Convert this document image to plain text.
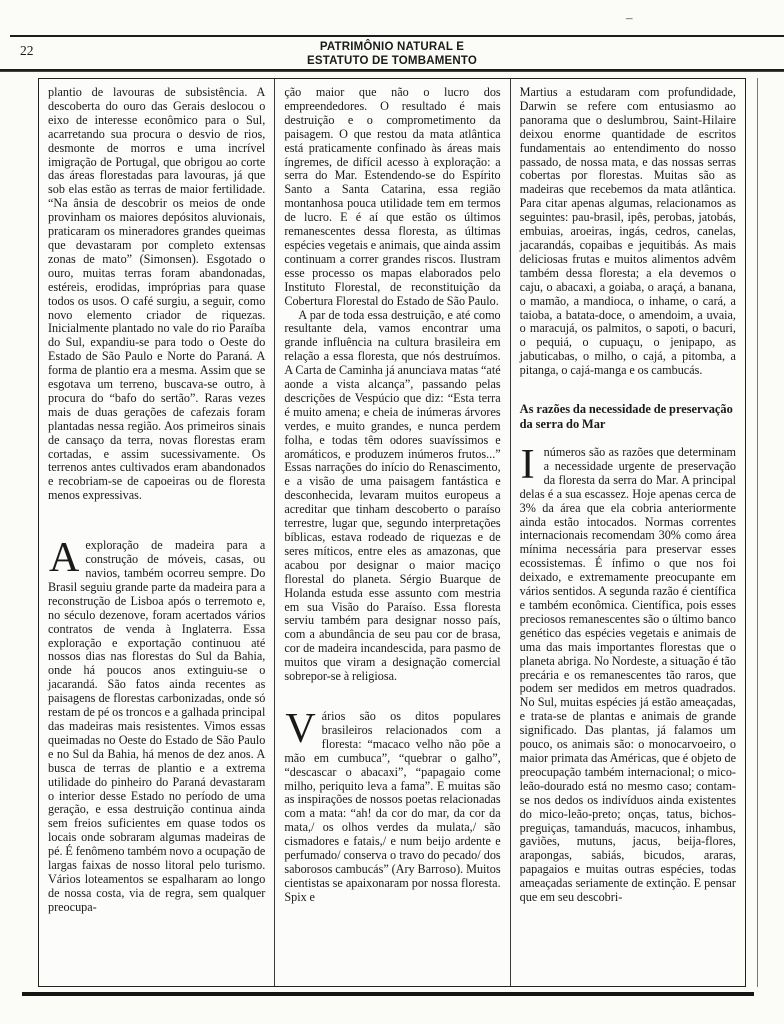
–
22	PATRIMÔNIO NATURAL E
ESTATUTO DE TOMBAMENTO

plantio de lavouras de subsistência. A descoberta do ouro das Gerais deslocou o eixo de interesse econômico para o Sul, acarretando sua procura o desvio de rios, desmonte de morros e uma incrível imigração de Portugal, que obrigou ao corte das áreas florestadas para lavouras, já que sob elas estão as terras de maior fertilidade. “Na ânsia de descobrir os meios de onde provinham os maiores depósitos aluvionais, praticaram os mineradores grandes queimas que devastaram por completo extensas zonas de mato” (Simonsen). Esgotado o ouro, muitas terras foram abandonadas, estéreis, erodidas, impróprias para quase todos os usos. O café surgiu, a seguir, como novo elemento criador de riquezas. Inicialmente plantado no vale do rio Paraíba do Sul, expandiu-se para todo o Oeste do Estado de São Paulo e Norte do Paraná. A forma de plantio era a mesma. Assim que se esgotava um terreno, buscava-se outro, à procura do “bafo do sertão”. Raras vezes mais de duas gerações de cafezais foram plantadas nessa região. Aos primeiros sinais de cansaço da terra, novas florestas eram cortadas, e assim sucessivamente. Os terrenos antes cultivados eram abandonados e recobriam-se de capoeiras ou de floresta menos expressivas.

Aexploração de madeira para a construção de móveis, casas, ou navios, também ocorreu sempre. Do Brasil seguiu grande parte da madeira para a reconstrução de Lisboa após o terremoto e, no século dezenove, foram acertados vários contratos de venda à Inglaterra. Essa exploração e exportação continuou até nossos dias nas florestas do Sul da Bahia, onde há poucos anos extinguiu-se o jacarandá. São fatos ainda recentes as paisagens de florestas carbonizadas, onde só restam de pé os troncos e a galhada principal das madeiras mais resistentes. Vimos essas queimadas no Oeste do Estado de São Paulo e no Sul da Bahia, há menos de dez anos. A busca de terras de plantio e a extrema utilidade do pinheiro do Paraná devastaram o interior desse Estado no período de uma geração, e essa destruição continua ainda sem freios suficientes em quase todos os locais onde sobraram algumas madeiras de pé. É fenômeno também novo a ocupação de largas faixas de nosso litoral pelo turismo. Vários loteamentos se espalharam ao longo de nossa costa, via de regra, sem qualquer preocupa-

ção maior que não o lucro dos empreendedores. O resultado é mais destruição e o comprometimento da paisagem. O que restou da mata atlântica está praticamente confinado às áreas mais íngremes, de difícil acesso à exploração: a serra do Mar. Estendendo-se do Espírito Santo a Santa Catarina, essa região montanhosa pouca utilidade tem em termos de lucro. E é aí que estão os últimos remanescentes dessa floresta, as últimas espécies vegetais e animais, que ainda assim continuam a correr grandes riscos. Ilustram esse processo os mapas elaborados pelo Instituto Florestal, de reconstituição da Cobertura Florestal do Estado de São Paulo.

A par de toda essa destruição, e até como resultante dela, vamos encontrar uma grande influência na cultura brasileira em relação a essa floresta, que nós destruímos. A Carta de Caminha já anunciava matas “até aonde a vista alcança”, passando pelas descrições de Vespúcio que diz: “Esta terra é muito amena; e cheia de inúmeras árvores verdes, e muito grandes, e nunca perdem folha, e todas têm odores suavíssimos e aromáticos, e produzem inúmeros frutos...” Essas narrações do início do Renascimento, e a visão de uma paisagem fantástica e desconhecida, levaram muitos europeus a acreditar que tinham descoberto o paraíso terrestre, lugar que, segundo interpretações bíblicas, estava rodeado de riquezas e de seres míticos, entre eles as amazonas, que acabou por designar o maior maciço florestal do planeta. Sérgio Buarque de Holanda estuda esse assunto com mestria em sua Visão do Paraíso. Essa floresta serviu também para designar nosso país, com a abundância de seu pau cor de brasa, cor de madeira incandescida, para pasmo de muitos que viram a designação comercial sobrepor-se à religiosa.

Vários são os ditos populares brasileiros relacionados com a floresta: “macaco velho não põe a mão em cumbuca”, “quebrar o galho”, “descascar o abacaxi”, “papagaio come milho, periquito leva a fama”. E muitas são as inspirações de nossos poetas relacionadas com a mata: “ah! da cor do mar, da cor da mata,/ os olhos verdes da mulata,/ são cismadores e fatais,/ e num beijo ardente e perfumado/ conserva o travo do pecado/ dos saborosos cambucás” (Ary Barroso). Muitos cientistas se apaixonaram por nossa floresta. Spix e

Martius a estudaram com profundidade, Darwin se refere com entusiasmo ao panorama que o deslumbrou, Saint-Hilaire deixou enorme quantidade de escritos fundamentais ao entendimento do nosso passado, de nossa mata, e das nossas serras cobertas por florestas. Muitas são as madeiras que recebemos da mata atlântica. Para citar apenas algumas, relacionamos as seguintes: pau-brasil, ipês, perobas, jatobás, embuias, aroeiras, ingás, cedros, canelas, jacarandás, copaibas e jequitibás. As mais deliciosas frutas e muitos alimentos advêm também dessa floresta; a ela devemos o caju, o abacaxi, a goiaba, o araçá, a banana, o mamão, a mandioca, o inhame, o cará, a taioba, a batata-doce, o amendoim, a uvaia, o maracujá, os palmitos, o sapoti, o bacuri, o pequiá, o cupuaçu, o jenipapo, as jabuticabas, o milho, o cajá, a pitomba, a pitanga, o cajá-manga e os cambucás.

As razões da necessidade de preservação da serra do Mar

Inúmeros são as razões que determinam a necessidade urgente de preservação da floresta da serra do Mar. A principal delas é a sua escassez. Hoje apenas cerca de 3% da área que ela cobria anteriormente ainda estão intocados. Normas correntes internacionais recomendam 30% como área mínima necessária para preservar esses ecossistemas. É ínfimo o que nos foi deixado, e extremamente preocupante em vários sentidos. A segunda razão é científica e também econômica. Científica, pois esses preciosos remanescentes são o último banco genético das espécies vegetais e animais de uma das mais importantes florestas que o planeta abriga. No Nordeste, a situação é tão precária e os remanescentes tão raros, que podem ser medidos em metros quadrados. No Sul, muitas espécies já estão ameaçadas, e trata-se de plantas e animais de grande significado. Das plantas, já falamos um pouco, os animais são: o monocarvoeiro, o maior primata das Américas, que é objeto de preocupação também internacional; o mico-leão-dourado está no mesmo caso; contam-se nos dedos os indivíduos ainda existentes do mico-leão-preto; onças, tatus, bichos-preguiças, tamanduás, macucos, inhambus, gaviões, mutuns, jacus, beija-flores, arapongas, sabiás, bicudos, araras, papagaios e muitas outras espécies, todas ameaçadas seriamente de extinção. E pensar que em seu descobri-
